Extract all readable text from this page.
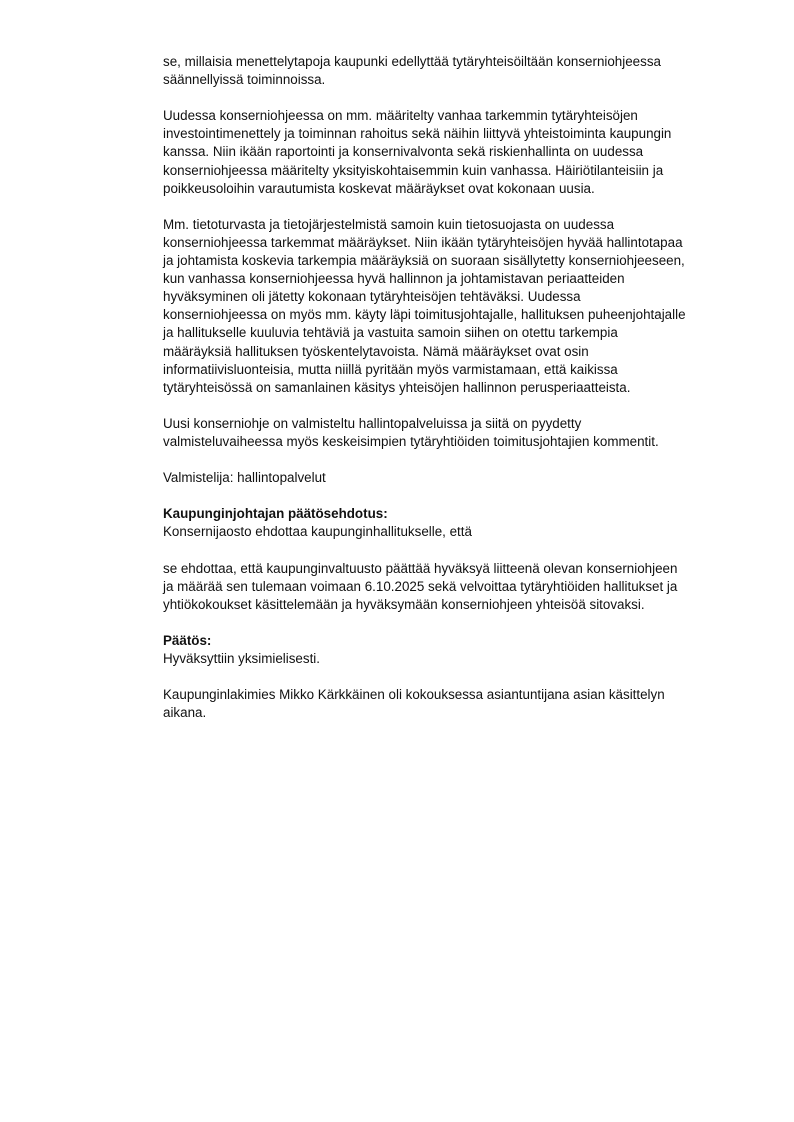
se, millaisia menettelytapoja kaupunki edellyttää tytäryhteisöiltään konserniohjeessa
säännellyissä toiminnoissa.

Uudessa konserniohjeessa on mm. määritelty vanhaa tarkemmin tytäryhteisöjen
investointimenettely ja toiminnan rahoitus sekä näihin liittyvä yhteistoiminta kaupungin
kanssa. Niin ikään raportointi ja konsernivalvonta sekä riskienhallinta on uudessa
konserniohjeessa määritelty yksityiskohtaisemmin kuin vanhassa. Häiriötilanteisiin ja
poikkeusoloihin varautumista koskevat määräykset ovat kokonaan uusia.

Mm. tietoturvasta ja tietojärjestelmistä samoin kuin tietosuojasta on uudessa
konserniohjeessa tarkemmat määräykset. Niin ikään tytäryhteisöjen hyvää hallintotapaa
ja johtamista koskevia tarkempia määräyksiä on suoraan sisällytetty konserniohjeeseen,
kun vanhassa konserniohjeessa hyvä hallinnon ja johtamistavan periaatteiden
hyväksyminen oli jätetty kokonaan tytäryhteisöjen tehtäväksi. Uudessa
konserniohjeessa on myös mm. käyty läpi toimitusjohtajalle, hallituksen puheenjohtajalle
ja hallitukselle kuuluvia tehtäviä ja vastuita samoin siihen on otettu tarkempia
määräyksiä hallituksen työskentelytavoista. Nämä määräykset ovat osin
informatiivisluonteisia, mutta niillä pyritään myös varmistamaan, että kaikissa
tytäryhteisössä on samanlainen käsitys yhteisöjen hallinnon perusperiaatteista.

Uusi konserniohje on valmisteltu hallintopalveluissa ja siitä on pyydetty
valmisteluvaiheessa myös keskeisimpien tytäryhtiöiden toimitusjohtajien kommentit.

Valmistelija: hallintopalvelut

Kaupunginjohtajan päätösehdotus:
Konsernijaosto ehdottaa kaupunginhallitukselle, että

se ehdottaa, että kaupunginvaltuusto päättää hyväksyä liitteenä olevan konserniohjeen
ja määrää sen tulemaan voimaan 6.10.2025 sekä velvoittaa tytäryhtiöiden hallitukset ja
yhtiökokoukset käsittelemään ja hyväksymään konserniohjeen yhteisöä sitovaksi.

Päätös:
Hyväksyttiin yksimielisesti.

Kaupunginlakimies Mikko Kärkkäinen oli kokouksessa asiantuntijana asian käsittelyn
aikana.
